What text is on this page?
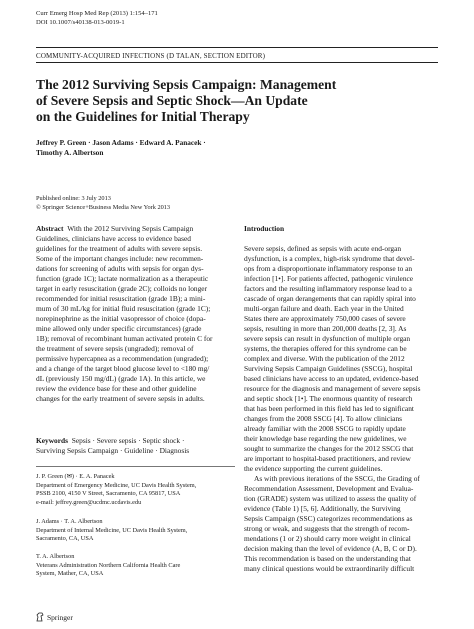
Curr Emerg Hosp Med Rep (2013) 1:154–171
DOI 10.1007/s40138-013-0019-1
COMMUNITY-ACQUIRED INFECTIONS (D TALAN, SECTION EDITOR)
The 2012 Surviving Sepsis Campaign: Management
of Severe Sepsis and Septic Shock—An Update
on the Guidelines for Initial Therapy
Jeffrey P. Green · Jason Adams · Edward A. Panacek ·
Timothy A. Albertson
Published online: 3 July 2013
© Springer Science+Business Media New York 2013
Abstract With the 2012 Surviving Sepsis Campaign
Guidelines, clinicians have access to evidence based
guidelines for the treatment of adults with severe sepsis.
Some of the important changes include: new recommen-
dations for screening of adults with sepsis for organ dys-
function (grade 1C); lactate normalization as a therapeutic
target in early resuscitation (grade 2C); colloids no longer
recommended for initial resuscitation (grade 1B); a mini-
mum of 30 mL/kg for initial fluid resuscitation (grade 1C);
norepinephrine as the initial vasopressor of choice (dopa-
mine allowed only under specific circumstances) (grade
1B); removal of recombinant human activated protein C for
the treatment of severe sepsis (ungraded); removal of
permissive hypercapnea as a recommendation (ungraded);
and a change of the target blood glucose level to <180 mg/
dL (previously 150 mg/dL) (grade 1A). In this article, we
review the evidence base for these and other guideline
changes for the early treatment of severe sepsis in adults.
Keywords Sepsis · Severe sepsis · Septic shock ·
Surviving Sepsis Campaign · Guideline · Diagnosis
J. P. Green (✉) · E. A. Panacek
Department of Emergency Medicine, UC Davis Health System,
PSSB 2100, 4150 V Street, Sacramento, CA 95817, USA
e-mail: jeffrey.green@ucdmc.ucdavis.edu
J. Adams · T. A. Albertson
Department of Internal Medicine, UC Davis Health System,
Sacramento, CA, USA
T. A. Albertson
Veterans Administration Northern California Health Care
System, Mather, CA, USA
Springer
Introduction
Severe sepsis, defined as sepsis with acute end-organ
dysfunction, is a complex, high-risk syndrome that devel-
ops from a disproportionate inflammatory response to an
infection [1•]. For patients affected, pathogenic virulence
factors and the resulting inflammatory response lead to a
cascade of organ derangements that can rapidly spiral into
multi-organ failure and death. Each year in the United
States there are approximately 750,000 cases of severe
sepsis, resulting in more than 200,000 deaths [2, 3]. As
severe sepsis can result in dysfunction of multiple organ
systems, the therapies offered for this syndrome can be
complex and diverse. With the publication of the 2012
Surviving Sepsis Campaign Guidelines (SSCG), hospital
based clinicians have access to an updated, evidence-based
resource for the diagnosis and management of severe sepsis
and septic shock [1•]. The enormous quantity of research
that has been performed in this field has led to significant
changes from the 2008 SSCG [4]. To allow clinicians
already familiar with the 2008 SSCG to rapidly update
their knowledge base regarding the new guidelines, we
sought to summarize the changes for the 2012 SSCG that
are important to hospital-based practitioners, and review
the evidence supporting the current guidelines.
As with previous iterations of the SSCG, the Grading of
Recommendation Assessment, Development and Evalua-
tion (GRADE) system was utilized to assess the quality of
evidence (Table 1) [5, 6]. Additionally, the Surviving
Sepsis Campaign (SSC) categorizes recommendations as
strong or weak, and suggests that the strength of recom-
mendations (1 or 2) should carry more weight in clinical
decision making than the level of evidence (A, B, C or D).
This recommendation is based on the understanding that
many clinical questions would be extraordinarily difficult
